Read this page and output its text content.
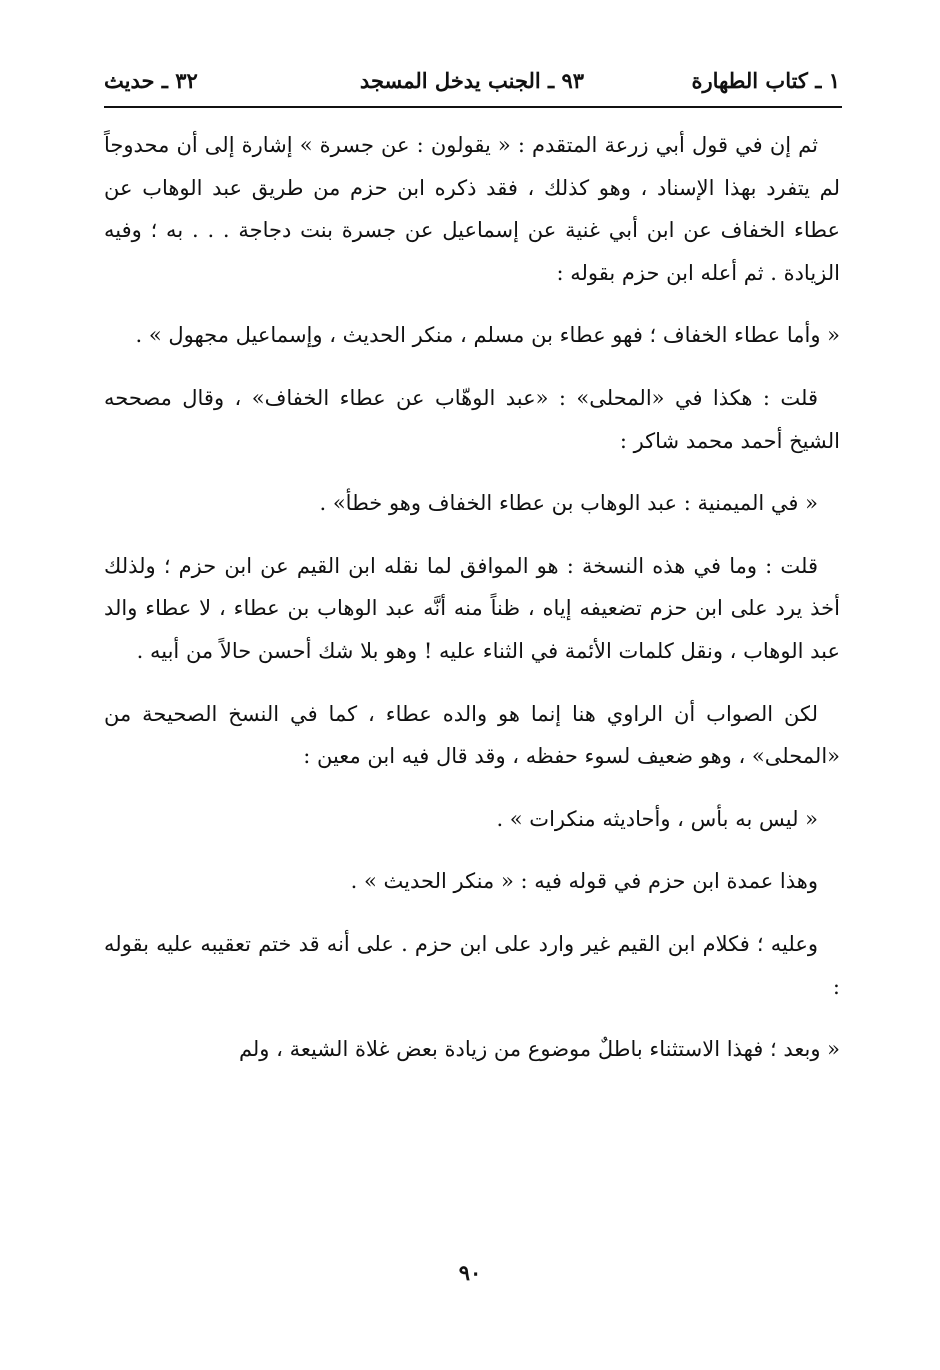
١ ـ كتاب الطهارة
٩٣ ـ الجنب يدخل المسجد
٣٢ ـ حديث

ثم إن في قول أبي زرعة المتقدم : « يقولون : عن جسرة » إشارة إلى أن محدوجاً لم يتفرد بهذا الإسناد ، وهو كذلك ، فقد ذكره ابن حزم من طريق عبد الوهاب عن عطاء الخفاف عن ابن أبي غنية عن إسماعيل عن جسرة بنت دجاجة . . . به ؛ وفيه الزيادة . ثم أعله ابن حزم بقوله :

« وأما عطاء الخفاف ؛ فهو عطاء بن مسلم ، منكر الحديث ، وإسماعيل مجهول » .

قلت : هكذا في «المحلى» : «عبد الوهّاب عن عطاء الخفاف» ، وقال مصححه الشيخ أحمد محمد شاكر :

« في الميمنية : عبد الوهاب بن عطاء الخفاف وهو خطأ» .

قلت : وما في هذه النسخة : هو الموافق لما نقله ابن القيم عن ابن حزم ؛ ولذلك أخذ يرد على ابن حزم تضعيفه إياه ، ظناً منه أنَّه عبد الوهاب بن عطاء ، لا عطاء والد عبد الوهاب ، ونقل كلمات الأئمة في الثناء عليه ! وهو بلا شك أحسن حالاً من أبيه .

لكن الصواب أن الراوي هنا إنما هو والده عطاء ، كما في النسخ الصحيحة من «المحلى» ، وهو ضعيف لسوء حفظه ، وقد قال فيه ابن معين :

« ليس به بأس ، وأحاديثه منكرات » .

وهذا عمدة ابن حزم في قوله فيه : « منكر الحديث » .

وعليه ؛ فكلام ابن القيم غير وارد على ابن حزم . على أنه قد ختم تعقيبه عليه بقوله :

« وبعد ؛ فهذا الاستثناء باطلٌ موضوع من زيادة بعض غلاة الشيعة ، ولم

٩٠
